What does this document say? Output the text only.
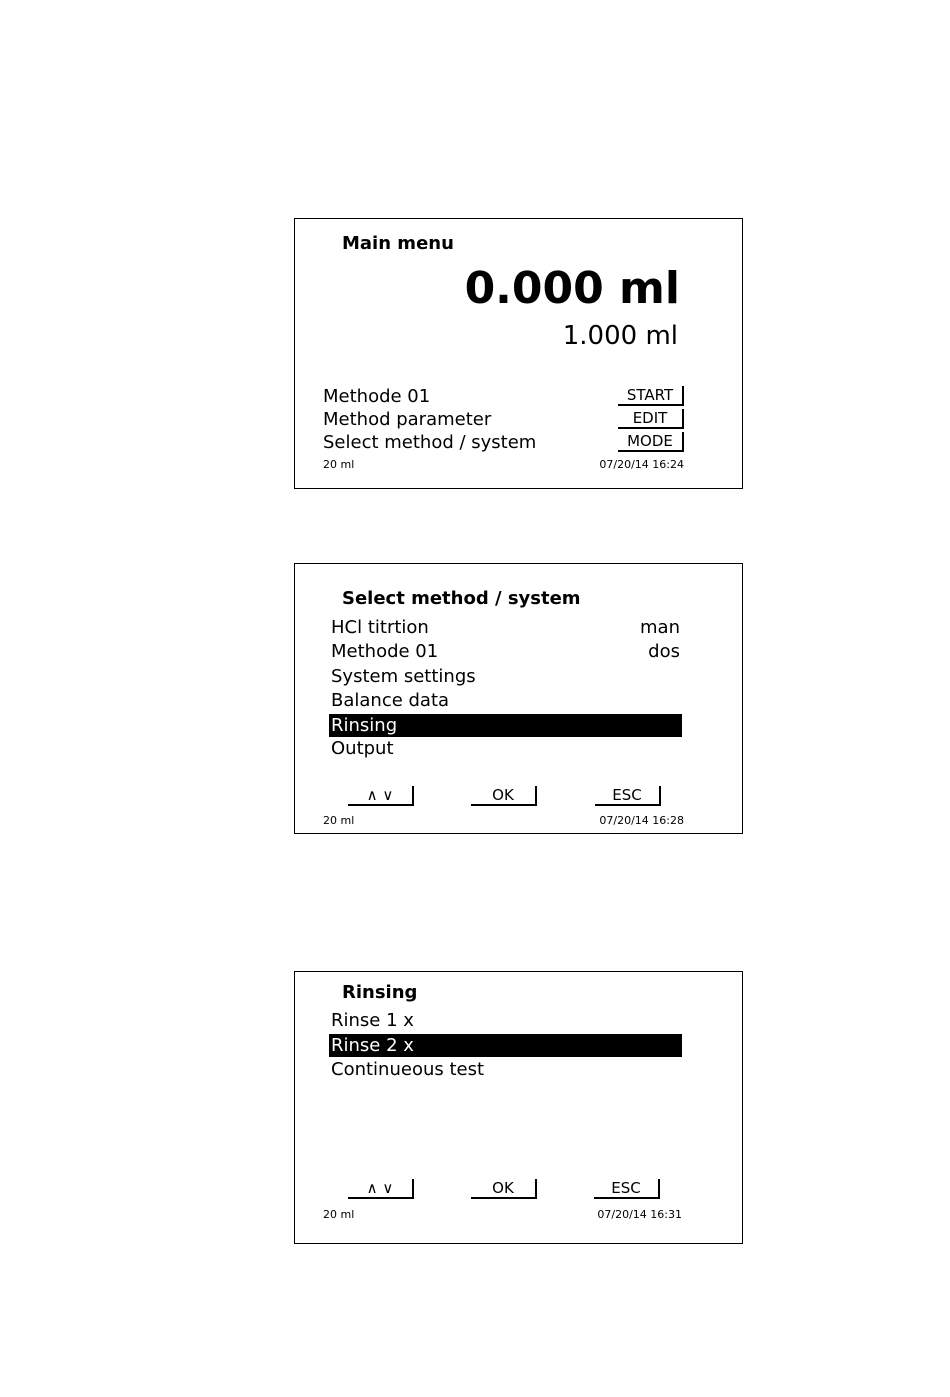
Main menu
0.000 ml
1.000 ml
Methode 01
Method parameter
Select method / system
START
EDIT
MODE
20 ml	07/20/14 16:24
Select method / system
HCl titrtion	man
Methode 01	dos
System settings
Balance data
Rinsing
Output
∧ ∨	OK	ESC
20 ml	07/20/14 16:28
Rinsing
Rinse 1 x
Rinse 2 x
Continueous test
∧ ∨	OK	ESC
20 ml	07/20/14 16:31
